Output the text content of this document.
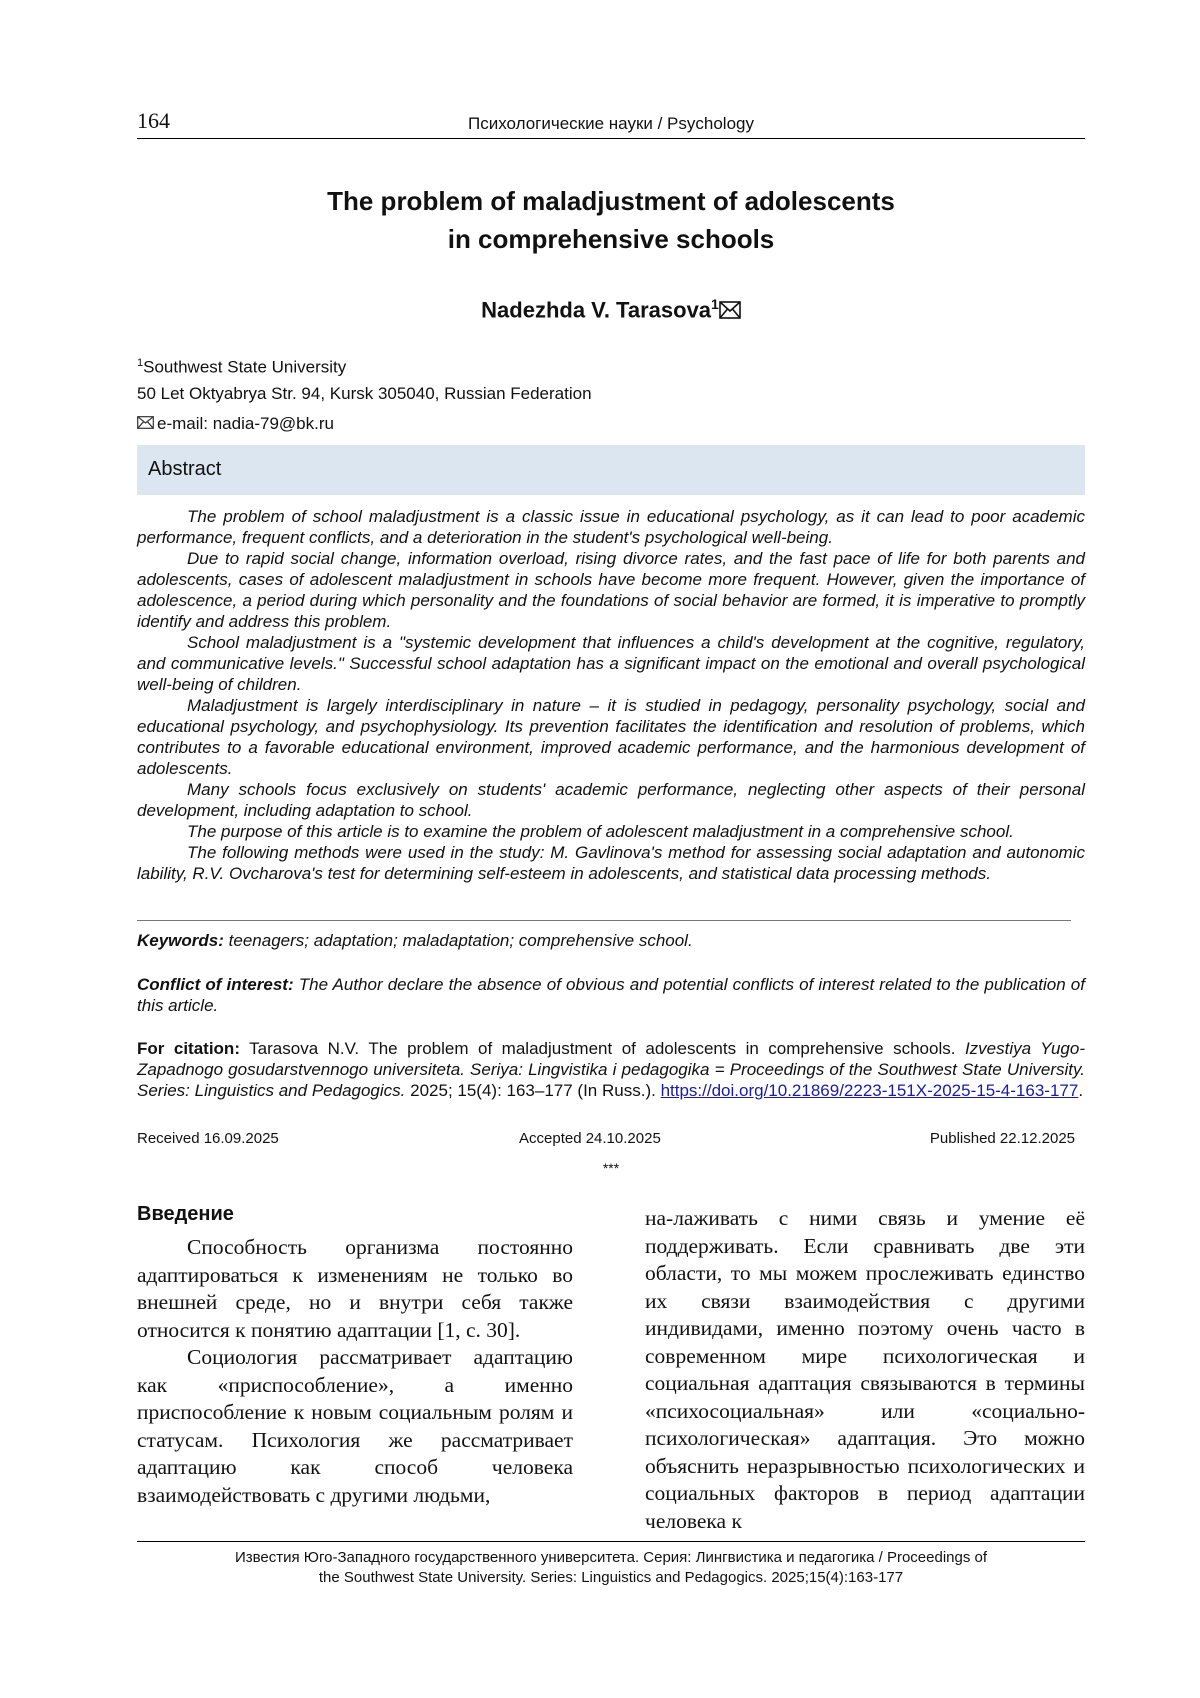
164	Психологические науки / Psychology
The problem of maladjustment of adolescents
in comprehensive schools
Nadezhda V. Tarasova$^1$
$^1$Southwest State University
50 Let Oktyabrya Str. 94, Kursk 305040, Russian Federation
e-mail: nadia-79@bk.ru
Abstract

The problem of school maladjustment is a classic issue in educational psychology, as it can lead to poor academic performance, frequent conflicts, and a deterioration in the student's psychological well-being.

Due to rapid social change, information overload, rising divorce rates, and the fast pace of life for both parents and adolescents, cases of adolescent maladjustment in schools have become more frequent. However, given the importance of adolescence, a period during which personality and the foundations of social behavior are formed, it is imperative to promptly identify and address this problem.

School maladjustment is a "systemic development that influences a child's development at the cognitive, regulatory, and communicative levels." Successful school adaptation has a significant impact on the emotional and overall psychological well-being of children.

Maladjustment is largely interdisciplinary in nature – it is studied in pedagogy, personality psychology, social and educational psychology, and psychophysiology. Its prevention facilitates the identification and resolution of problems, which contributes to a favorable educational environment, improved academic performance, and the harmonious development of adolescents.

Many schools focus exclusively on students' academic performance, neglecting other aspects of their personal development, including adaptation to school.

The purpose of this article is to examine the problem of adolescent maladjustment in a comprehensive school.

The following methods were used in the study: M. Gavlinova's method for assessing social adaptation and autonomic lability, R.V. Ovcharova's test for determining self-esteem in adolescents, and statistical data processing methods.

Keywords: teenagers; adaptation; maladaptation; comprehensive school.
Conflict of interest: The Author declare the absence of obvious and potential conflicts of interest related to the publication of this article.
For citation: Tarasova N.V. The problem of maladjustment of adolescents in comprehensive schools. Izvestiya Yugo-Zapadnogo gosudarstvennogo universiteta. Seriya: Lingvistika i pedagogika = Proceedings of the Southwest State University. Series: Linguistics and Pedagogics. 2025; 15(4): 163–177 (In Russ.). https://doi.org/10.21869/2223-151X-2025-15-4-163-177.
Received 16.09.2025	Accepted 24.10.2025	Published 22.12.2025
***
Введение

Способность организма постоянно адаптироваться к изменениям не только во внешней среде, но и внутри себя также относится к понятию адаптации [1, с. 30].

Социология рассматривает адаптацию как «приспособление», а именно приспособление к новым социальным ролям и статусам. Психология же рассматривает адаптацию как способ человека взаимодействовать с другими людьми,

на-лаживать с ними связь и умение её поддерживать. Если сравнивать две эти области, то мы можем прослеживать единство их связи взаимодействия с другими индивидами, именно поэтому очень часто в современном мире психологическая и социальная адаптация связываются в термины «психосоциальная» или «социально-психологическая» адаптация. Это можно объяснить неразрывностью психологических и социальных факторов в период адаптации человека к

Известия Юго-Западного государственного университета. Серия: Лингвистика и педагогика / Proceedings of
the Southwest State University. Series: Linguistics and Pedagogics. 2025;15(4):163-177
